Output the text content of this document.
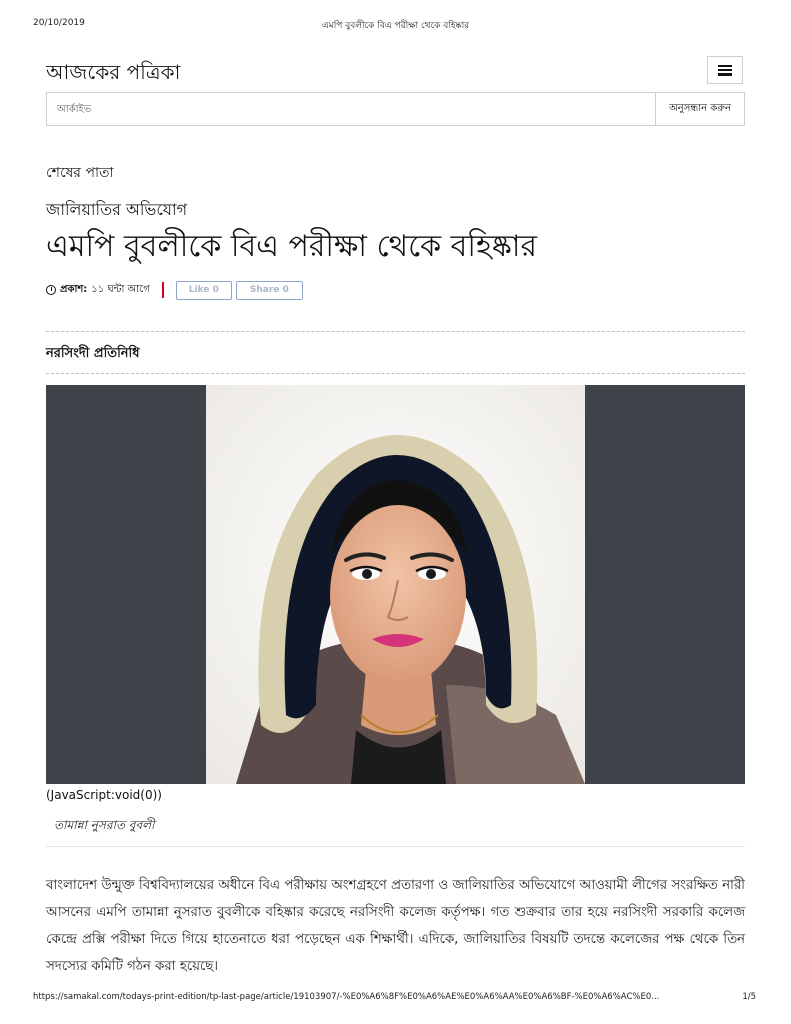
20/10/2019	এমপি বুবলীকে বিএ পরীক্ষা থেকে বহিষ্কার
আজকের পত্রিকা
আর্কাইভ
অনুসন্ধান করুন
শেষের পাতা
জালিয়াতির অভিযোগ
এমপি বুবলীকে বিএ পরীক্ষা থেকে বহিষ্কার
প্রকাশ: ১১ ঘন্টা আগে	Like 0	Share 0
নরসিংদী প্রতিনিধি
(JavaScript:void(0))
তামান্না নুসরাত বুবলী

বাংলাদেশ উন্মুক্ত বিশ্ববিদ্যালয়ের অধীনে বিএ পরীক্ষায় অংশগ্রহণে প্রতারণা ও জালিয়াতির অভিযোগে আওয়ামী লীগের সংরক্ষিত নারী আসনের এমপি তামান্না নুসরাত বুবলীকে বহিষ্কার করেছে নরসিংদী কলেজ কর্তৃপক্ষ। গত শুক্রবার তার হয়ে নরসিংদী সরকারি কলেজ কেন্দ্রে প্রক্সি পরীক্ষা দিতে গিয়ে হাতেনাতে ধরা পড়েছেন এক শিক্ষার্থী। এদিকে, জালিয়াতির বিষয়টি তদন্তে কলেজের পক্ষ থেকে তিন সদস্যের কমিটি গঠন করা হয়েছে।

https://samakal.com/todays-print-edition/tp-last-page/article/19103907/-%E0%A6%8F%E0%A6%AE%E0%A6%AA%E0%A6%BF-%E0%A6%AC%E0...	1/5
